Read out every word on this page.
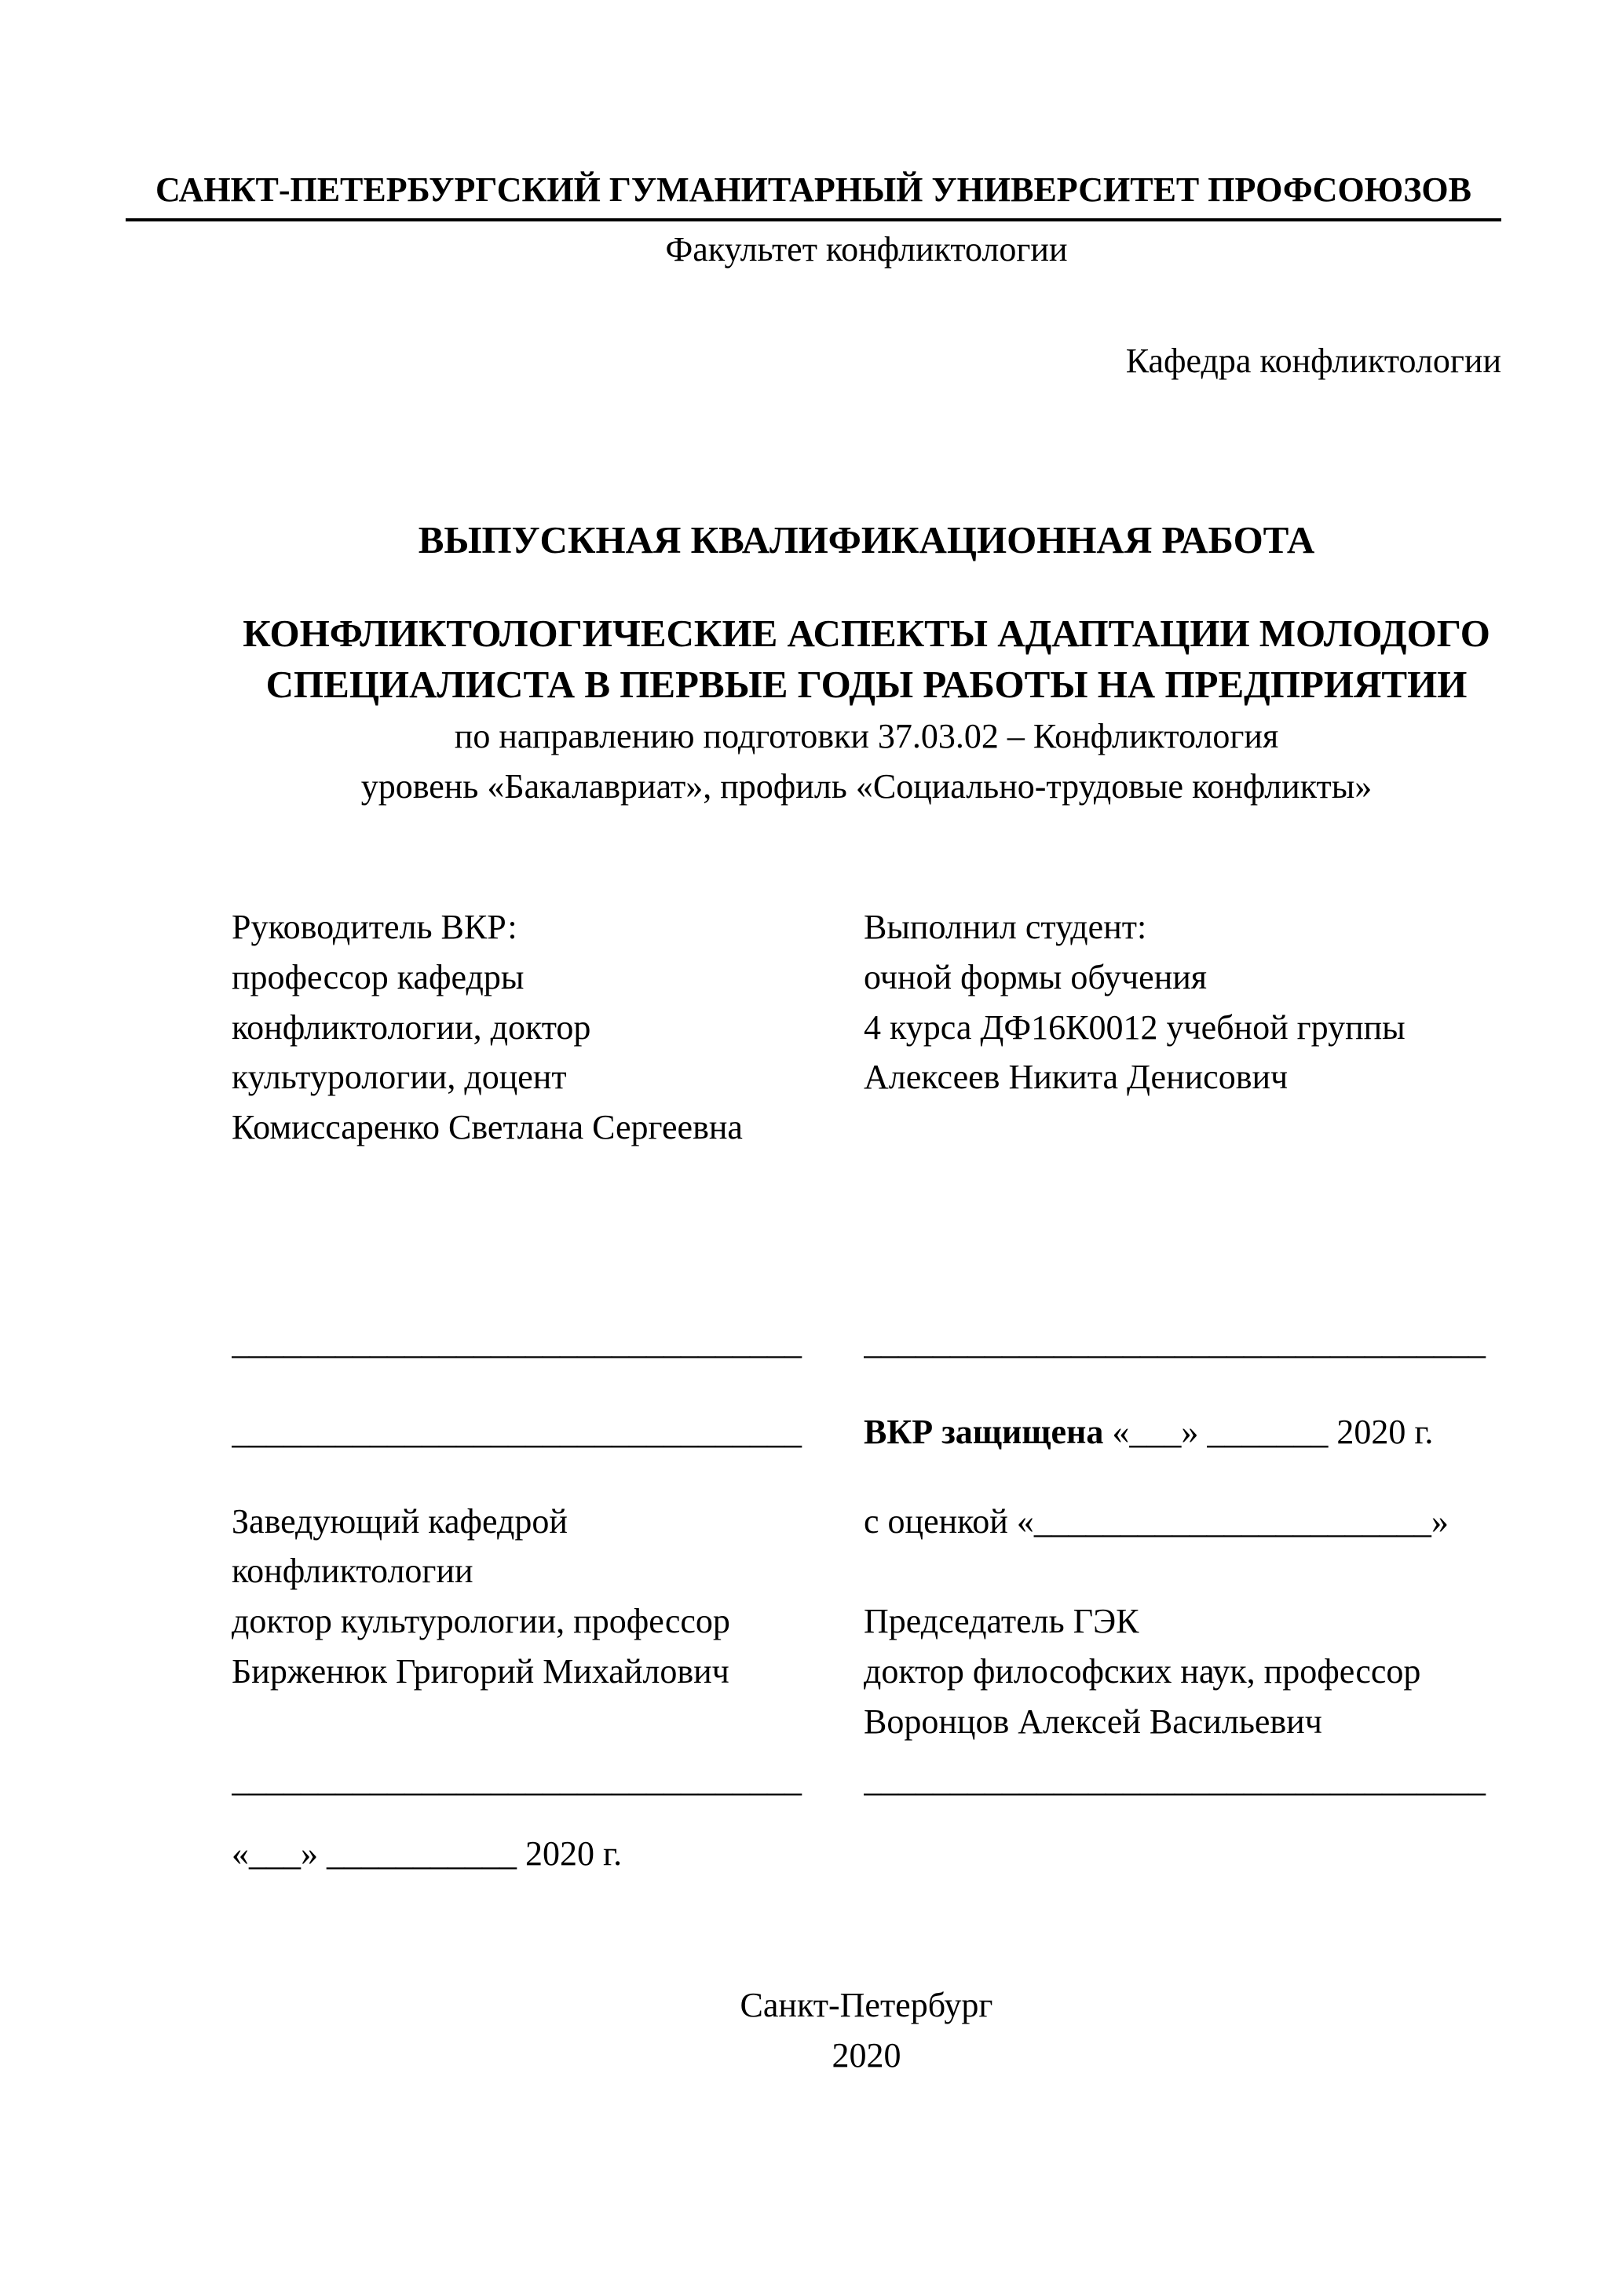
САНКТ-ПЕТЕРБУРГСКИЙ ГУМАНИТАРНЫЙ УНИВЕРСИТЕТ ПРОФСОЮЗОВ
Факультет конфликтологии
Кафедра конфликтологии
ВЫПУСКНАЯ КВАЛИФИКАЦИОННАЯ РАБОТА
КОНФЛИКТОЛОГИЧЕСКИЕ АСПЕКТЫ АДАПТАЦИИ МОЛОДОГО СПЕЦИАЛИСТА В ПЕРВЫЕ ГОДЫ РАБОТЫ НА ПРЕДПРИЯТИИ
по направлению подготовки 37.03.02 – Конфликтология
уровень «Бакалавриат», профиль «Социально-трудовые конфликты»
Руководитель ВКР:
профессор кафедры
конфликтологии, доктор
культурологии, доцент
Комиссаренко Светлана Сергеевна
Выполнил студент:
очной формы обучения
4 курса ДФ16К0012 учебной группы
Алексеев Никита Денисович
_________________________________	____________________________________
_________________________________	ВКР защищена «___» _______ 2020 г.
Заведующий кафедрой
конфликтологии
доктор культурологии, профессор
Бирженюк Григорий Михайлович
с оценкой «_______________________»
Председатель ГЭК
доктор философских наук, профессор
Воронцов Алексей Васильевич
_________________________________	____________________________________
«___» ___________ 2020 г.
Санкт-Петербург
2020
